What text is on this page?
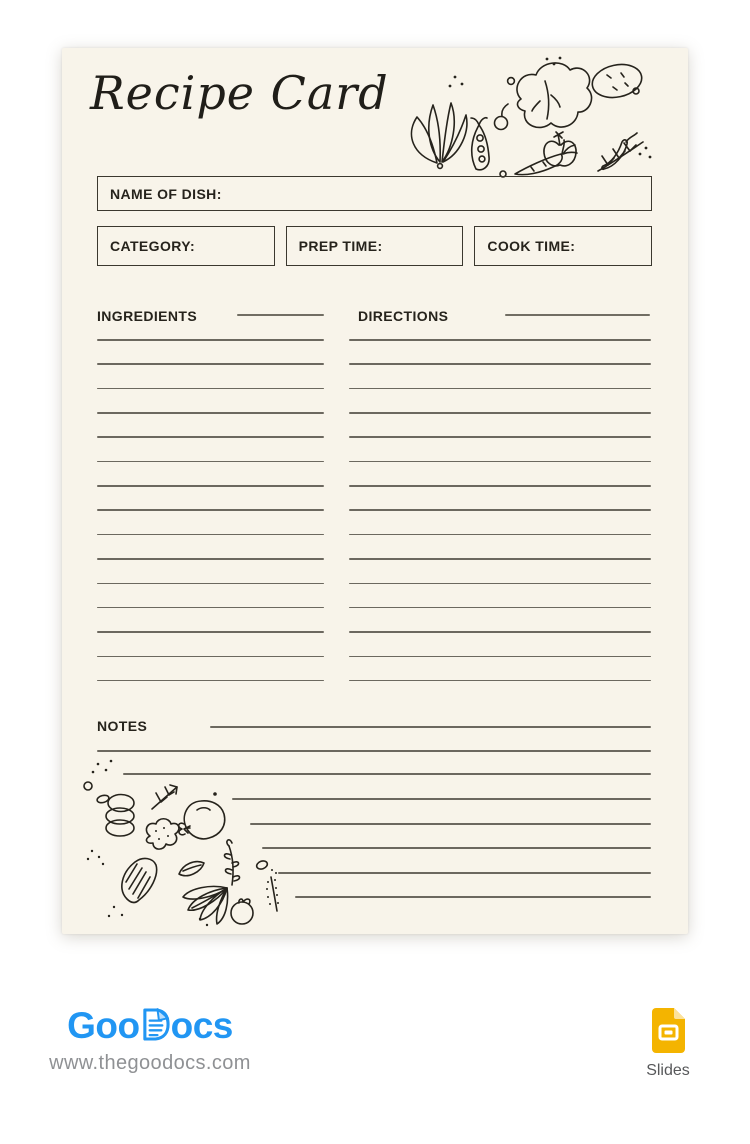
Recipe Card
NAME OF DISH:
CATEGORY:	PREP TIME:	COOK TIME:
INGREDIENTS	DIRECTIONS
NOTES
Goo ocs
www.thegoodocs.com	Slides
